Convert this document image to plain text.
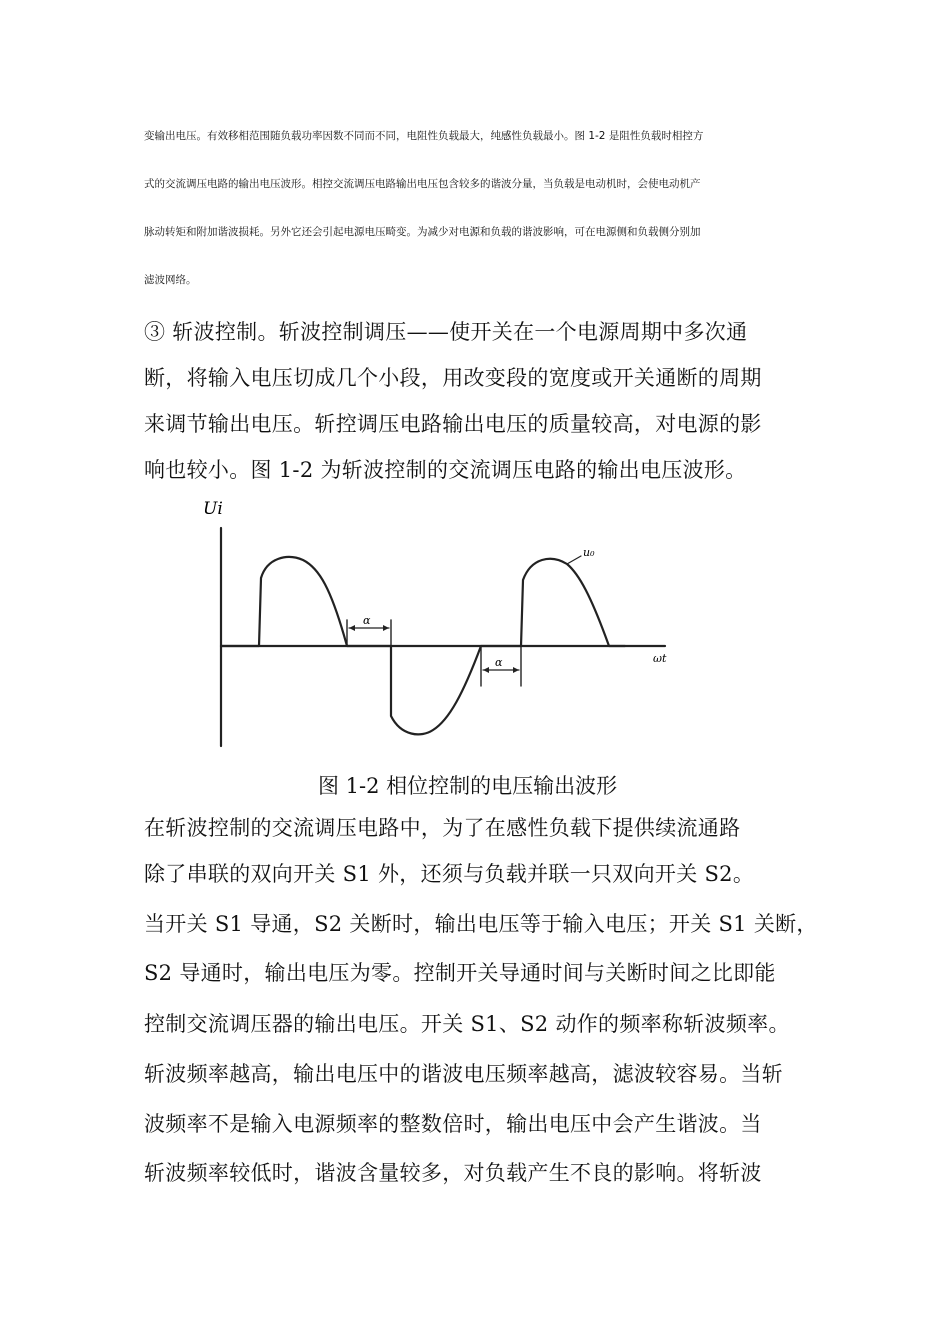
变输出电压。有效移相范围随负载功率因数不同而不同，电阻性负载最大，纯感性负载最小。图 1-2 是阻性负载时相控方
式的交流调压电路的输出电压波形。相控交流调压电路输出电压包含较多的谐波分量，当负载是电动机时，会使电动机产
脉动转矩和附加谐波损耗。另外它还会引起电源电压畸变。为减少对电源和负载的谐波影响，可在电源侧和负载侧分别加
滤波网络。

③ 斩波控制。斩波控制调压——使开关在一个电源周期中多次通

断，将输入电压切成几个小段，用改变段的宽度或开关通断的周期

来调节输出电压。斩控调压电路输出电压的质量较高，对电源的影

响也较小。图 1-2 为斩波控制的交流调压电路的输出电压波形。

Ui
ωt
u₀
α
α
图 1-2 相位控制的电压输出波形

在斩波控制的交流调压电路中，为了在感性负载下提供续流通路

除了串联的双向开关 S1 外，还须与负载并联一只双向开关 S2。

当开关 S1 导通，S2 关断时，输出电压等于输入电压；开关 S1 关断，

S2 导通时，输出电压为零。控制开关导通时间与关断时间之比即能

控制交流调压器的输出电压。开关 S1、S2 动作的频率称斩波频率。

斩波频率越高，输出电压中的谐波电压频率越高，滤波较容易。当斩

波频率不是输入电源频率的整数倍时，输出电压中会产生谐波。当

斩波频率较低时，谐波含量较多，对负载产生不良的影响。将斩波
